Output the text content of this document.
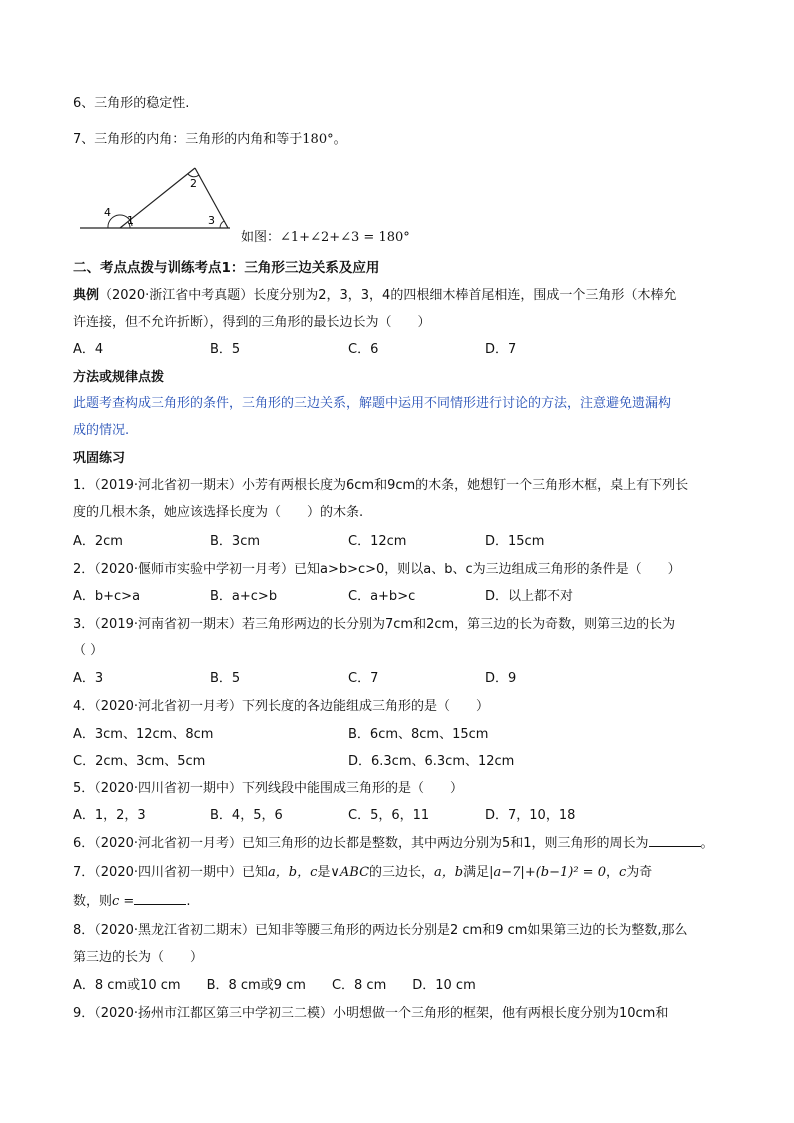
6、三角形的稳定性.
7、三角形的内角：三角形的内角和等于180°。
4
1
2
3
如图：∠1+∠2+∠3 = 180°
二、考点点拨与训练考点1：三角形三边关系及应用
典例（2020·浙江省中考真题）长度分别为2，3，3，4的四根细木棒首尾相连，围成一个三角形（木棒允
许连接，但不允许折断），得到的三角形的最长边长为（　　）
A．4	B．5	C．6	D．7
方法或规律点拨
此题考查构成三角形的条件，三角形的三边关系，解题中运用不同情形进行讨论的方法，注意避免遗漏构
成的情况.
巩固练习
1．（2019·河北省初一期末）小芳有两根长度为6cm和9cm的木条，她想钉一个三角形木框，桌上有下列长
度的几根木条，她应该选择长度为（　　）的木条.
A．2cm	B．3cm	C．12cm	D．15cm
2．（2020·偃师市实验中学初一月考）已知a>b>c>0，则以a、b、c为三边组成三角形的条件是（　　）
A．b+c>a	B．a+c>b	C．a+b>c	D．以上都不对
3．（2019·河南省初一期末）若三角形两边的长分别为7cm和2cm，第三边的长为奇数，则第三边的长为
（ ）
A．3	B．5	C．7	D．9
4．（2020·河北省初一月考）下列长度的各边能组成三角形的是（　　）
A．3cm、12cm、8cm	B．6cm、8cm、15cm
C．2cm、3cm、5cm	D．6.3cm、6.3cm、12cm
5．（2020·四川省初一期中）下列线段中能围成三角形的是（　　）
A．1，2，3	B．4，5，6	C．5，6，11	D．7，10，18
6．（2020·河北省初一月考）已知三角形的边长都是整数，其中两边分别为5和1，则三角形的周长为	。
7．（2020·四川省初一期中）已知a，b，c是∨ABC的三边长，a，b满足|a−7|+(b−1)² = 0，c为奇
数，则c =	.
8．（2020·黑龙江省初二期末）已知非等腰三角形的两边长分别是2 cm和9 cm如果第三边的长为整数,那么
第三边的长为（　　）
A．8 cm或10 cm　　B．8 cm或9 cm　　C．8 cm　　D．10 cm
9．（2020·扬州市江都区第三中学初三二模）小明想做一个三角形的框架，他有两根长度分别为10cm和
